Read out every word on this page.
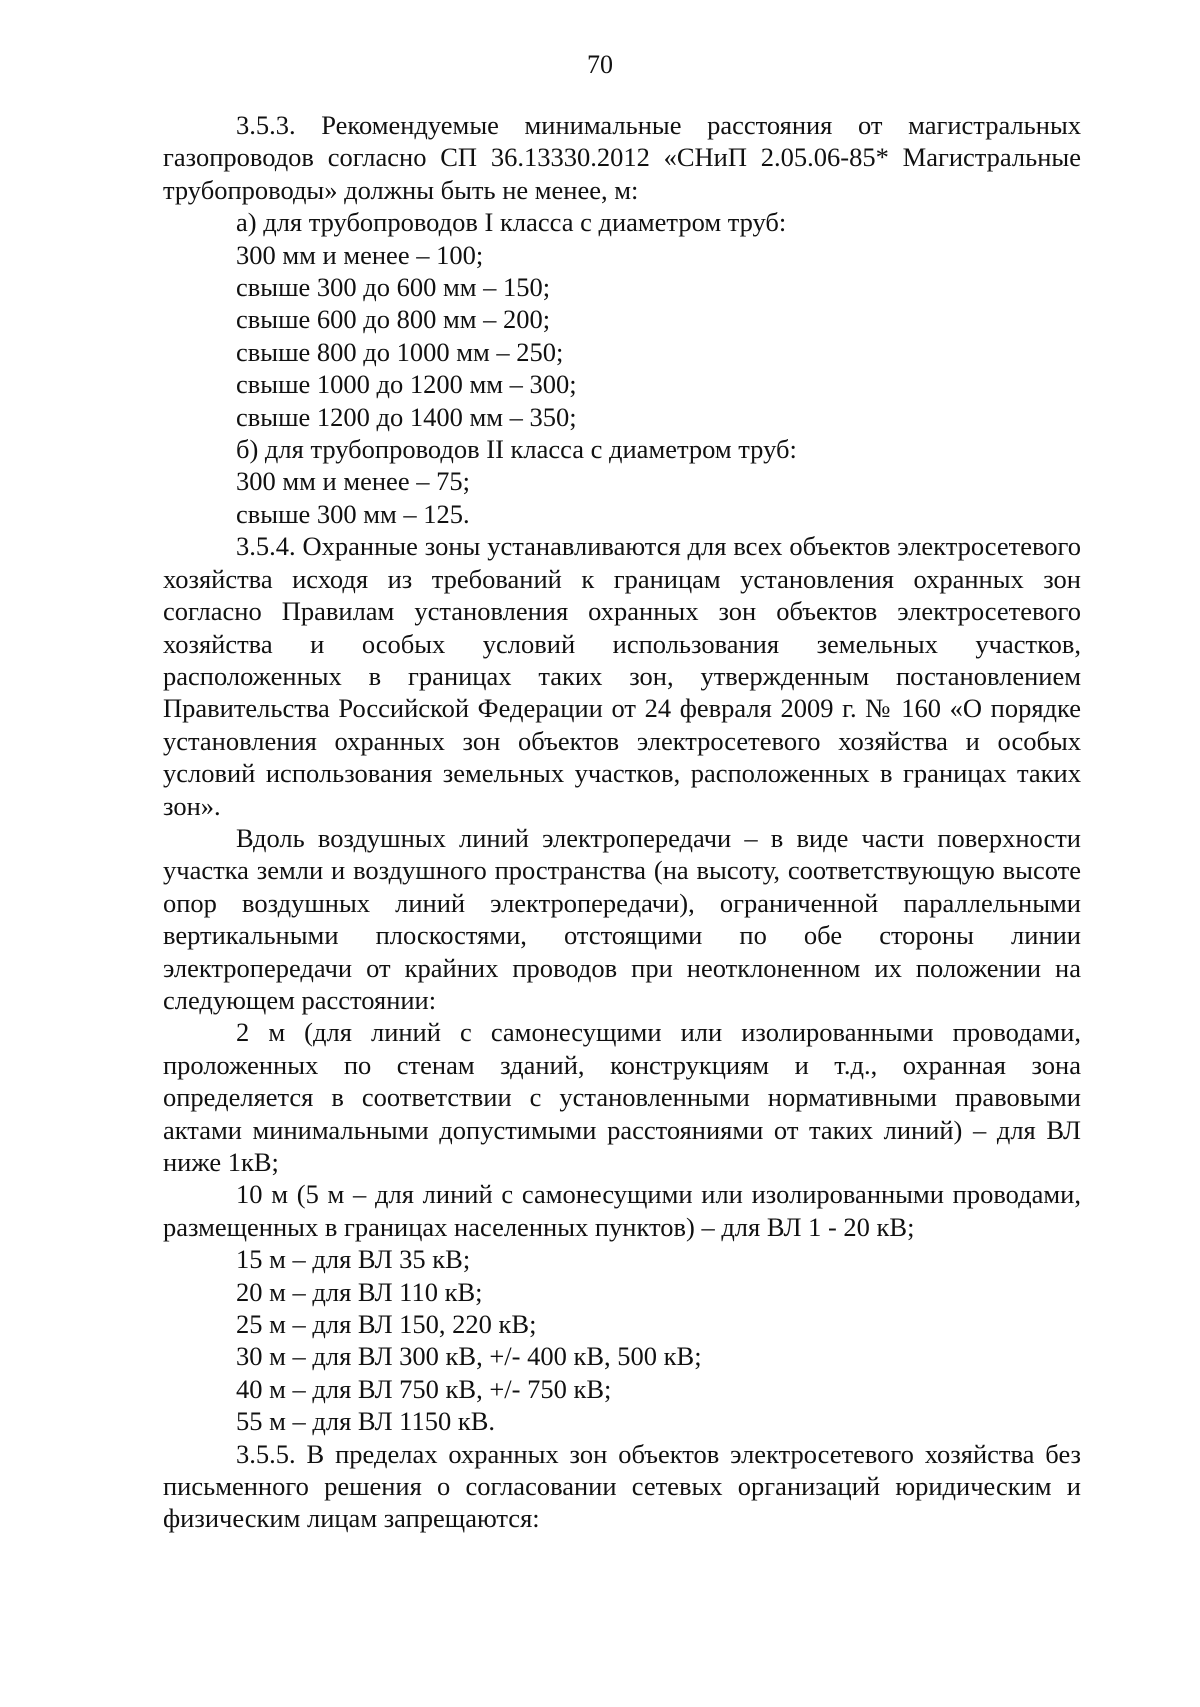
70

3.5.3. Рекомендуемые минимальные расстояния от магистральных газопроводов согласно СП 36.13330.2012 «СНиП 2.05.06-85* Магистральные трубопроводы» должны быть не менее, м:

а) для трубопроводов I класса с диаметром труб:
300 мм и менее – 100;
свыше 300 до 600 мм – 150;
свыше 600 до 800 мм – 200;
свыше 800 до 1000 мм – 250;
свыше 1000 до 1200 мм – 300;
свыше 1200 до 1400 мм – 350;
б) для трубопроводов II класса с диаметром труб:
300 мм и менее – 75;
свыше 300 мм – 125.

3.5.4. Охранные зоны устанавливаются для всех объектов электросетевого хозяйства исходя из требований к границам установления охранных зон согласно Правилам установления охранных зон объектов электросетевого хозяйства и особых условий использования земельных участков, расположенных в границах таких зон, утвержденным постановлением Правительства Российской Федерации от 24 февраля 2009 г. № 160 «О порядке установления охранных зон объектов электросетевого хозяйства и особых условий использования земельных участков, расположенных в границах таких зон».

Вдоль воздушных линий электропередачи – в виде части поверхности участка земли и воздушного пространства (на высоту, соответствующую высоте опор воздушных линий электропередачи), ограниченной параллельными вертикальными плоскостями, отстоящими по обе стороны линии электропередачи от крайних проводов при неотклоненном их положении на следующем расстоянии:

2 м (для линий с самонесущими или изолированными проводами, проложенных по стенам зданий, конструкциям и т.д., охранная зона определяется в соответствии с установленными нормативными правовыми актами минимальными допустимыми расстояниями от таких линий) – для ВЛ ниже 1кВ;

10 м (5 м – для линий с самонесущими или изолированными проводами, размещенных в границах населенных пунктов) – для ВЛ 1 - 20 кВ;

15 м – для ВЛ 35 кВ;
20 м – для ВЛ 110 кВ;
25 м – для ВЛ 150, 220 кВ;
30 м – для ВЛ 300 кВ, +/- 400 кВ, 500 кВ;
40 м – для ВЛ 750 кВ, +/- 750 кВ;
55 м – для ВЛ 1150 кВ.

3.5.5. В пределах охранных зон объектов электросетевого хозяйства без письменного решения о согласовании сетевых организаций юридическим и физическим лицам запрещаются:
